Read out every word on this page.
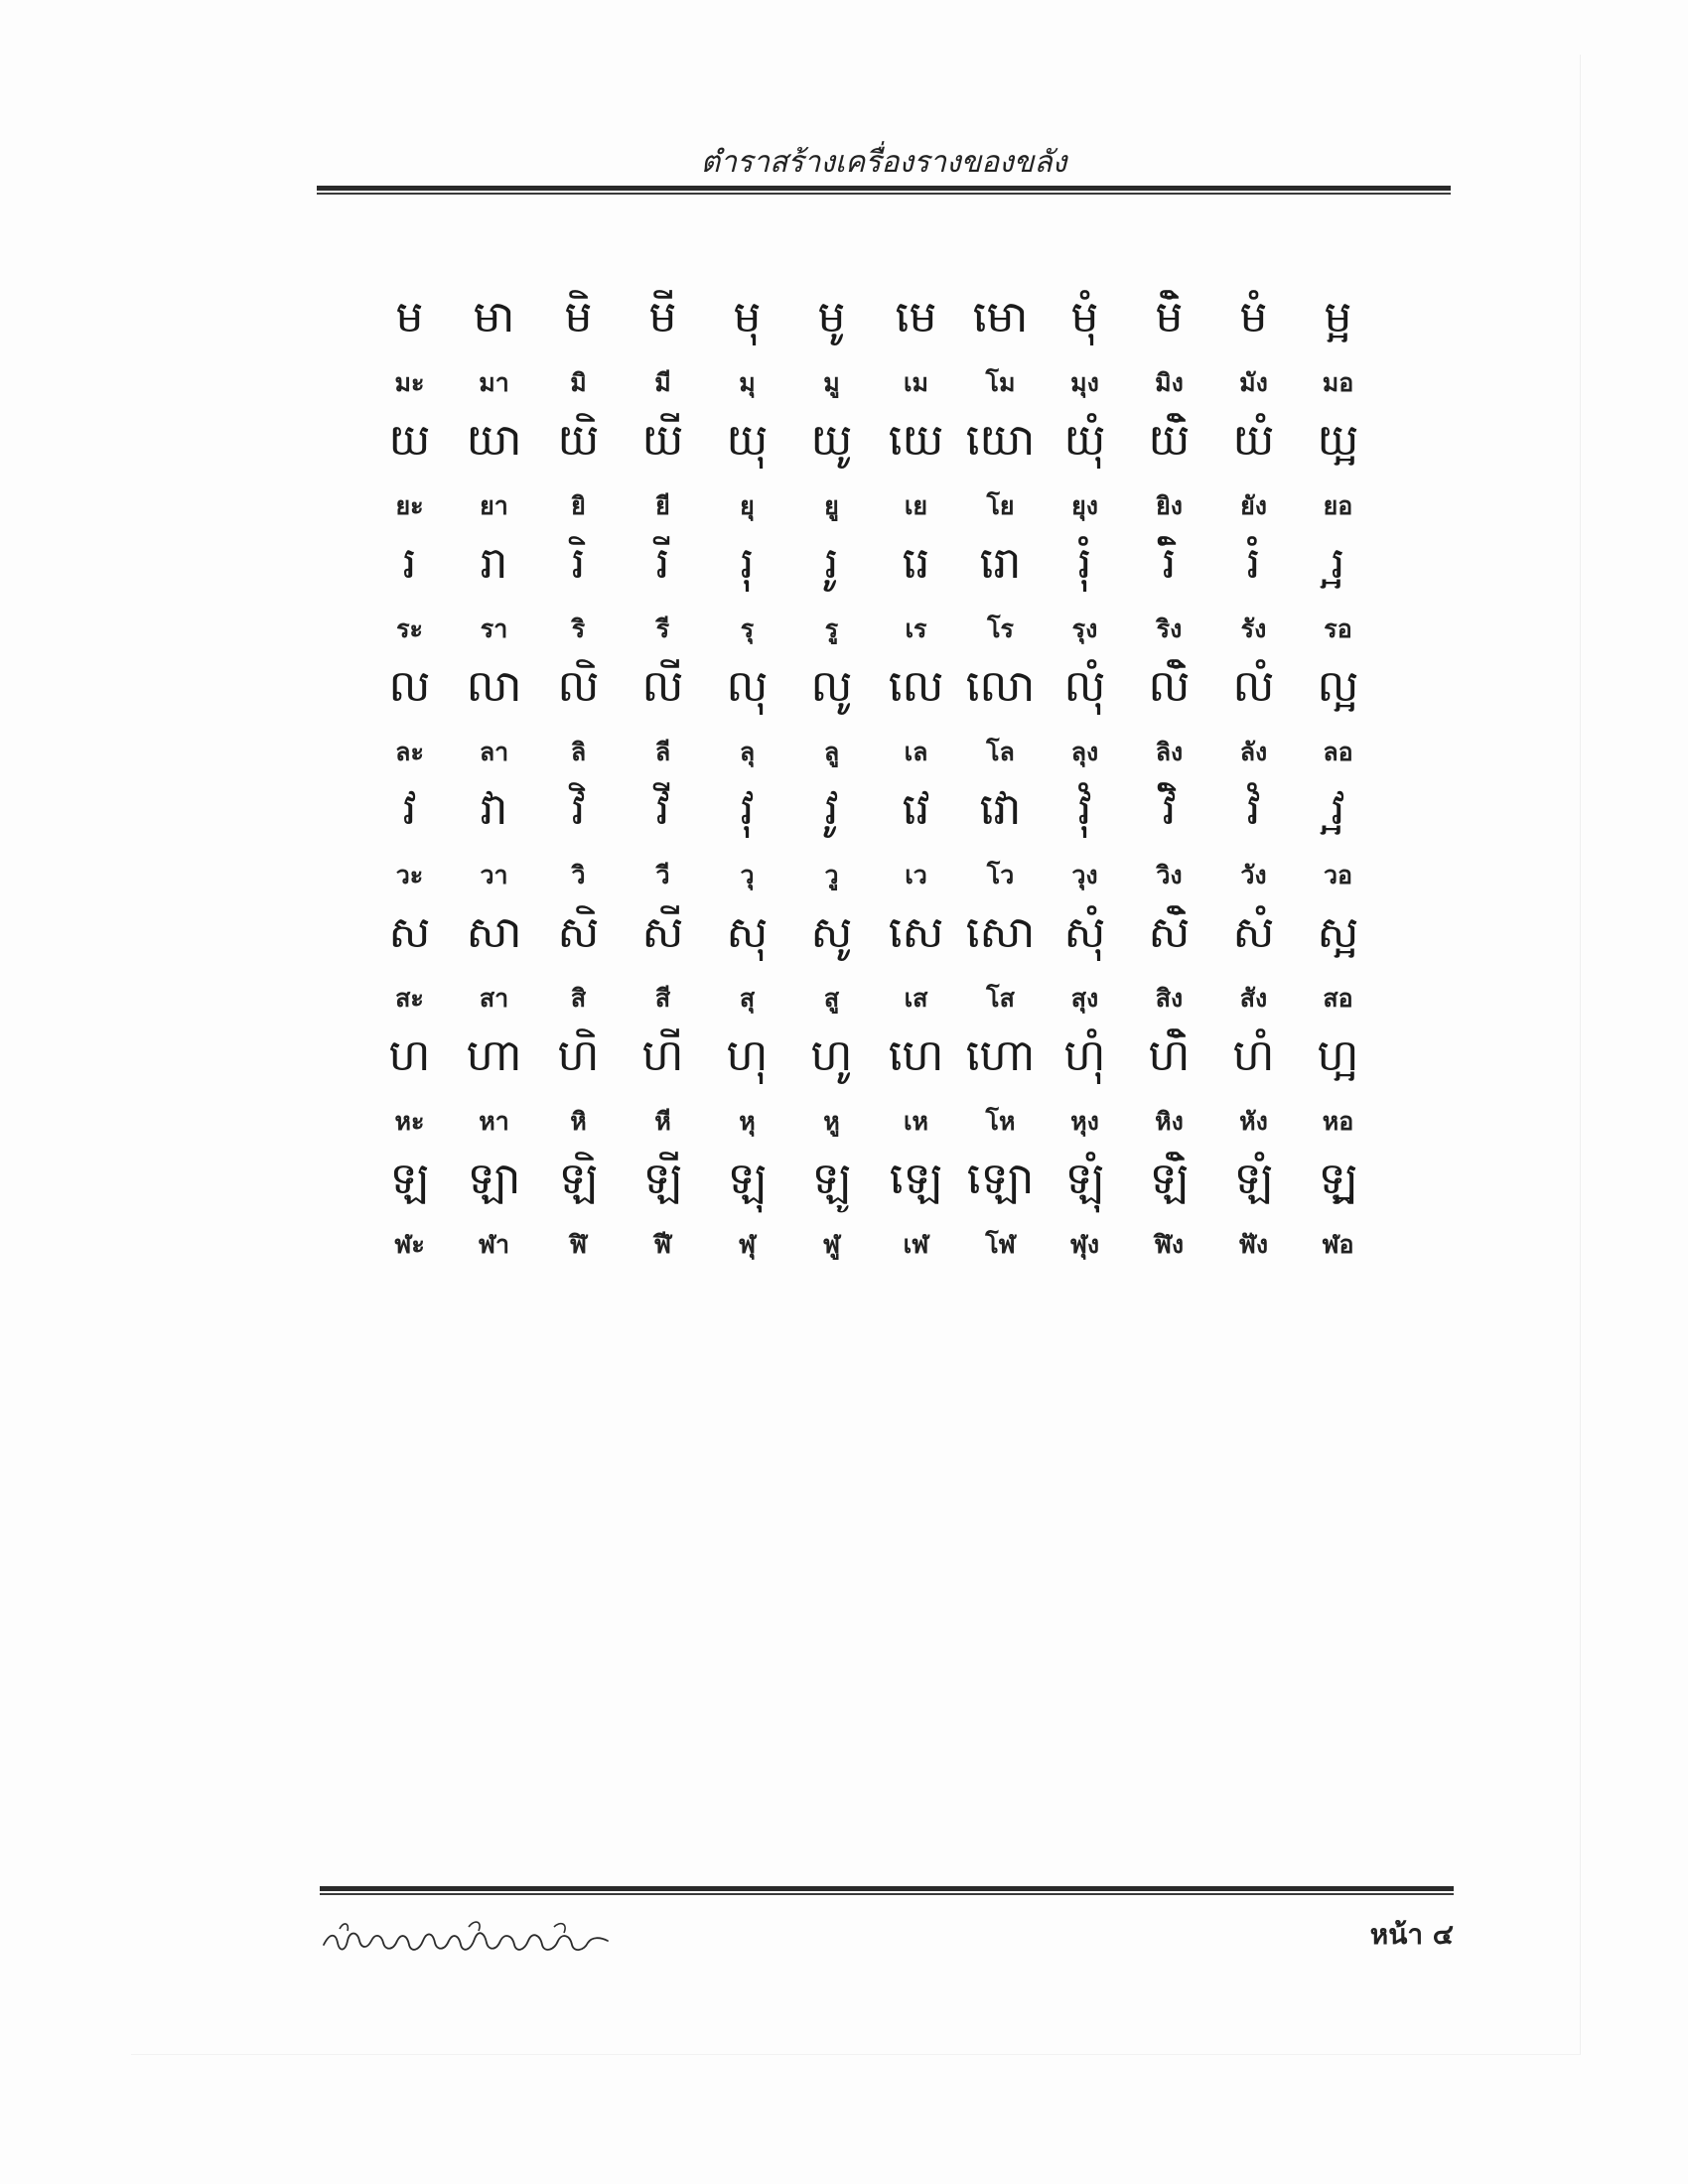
ตำราสร้างเครื่องรางของขลัง
ម	មា	មិ	មី	មុ	មូ	មេ មោ មុំ	មិំ	មំ	ម្អ
มะ	มา	มิ	มี	มุ	มู	เม	โม	มุง	มิง	มัง	มอ
យ យា យិ យី យុ យូ យេ យោ យុំ យិំ យំ យ្អ
ยะ	ยา	ยิ	ยี	ยุ	ยู	เย	โย	ยุง	ยิง	ยัง	ยอ
រ	រា	រិ	រី	រុ	រូ	រេ	រោ	រុំ	រិំ	រំ	រ្អ
ระ	รา	ริ	รี	รุ	รู	เร	โร	รุง	ริง	รัง	รอ
ល លា លិ លី លុ លូ លេ លោ លុំ លិំ លំ ល្អ
ละ	ลา	ลิ	ลี	ลุ	ลู	เล	โล	ลุง	ลิง	ลัง	ลอ
វ	វា	វិ	វី	វុ	វូ	វេ	វោ	វុំ	វិំ	វំ	វ្អ
วะ	วา	วิ	วี	วุ	วู	เว	โว	วุง	วิง	วัง	วอ
ស សា សិ សី សុ សូ សេ សោ សុំ សិំ សំ ស្អ
สะ	สา	สิ	สี	สุ	สู	เส	โส	สุง	สิง	สัง	สอ
ហ ហា ហិ ហី ហុ ហូ ហេ ហោ ហុំ ហិំ ហំ ហ្អ
หะ	หา	หิ	หี	หุ	หู	เห	โห	หุง	หิง	หัง	หอ
ឡ ឡា ឡិ	ឡី	ឡុ	ឡូ ឡេ ឡោ ឡុំ	ឡិំ	ឡំ	ឡ្អ
ฬะ	ฬา	ฬิ	ฬี	ฬุ	ฬู	เฬ	โฬ	ฬุง	ฬิง	ฬัง	ฬอ
หน้า ๔
